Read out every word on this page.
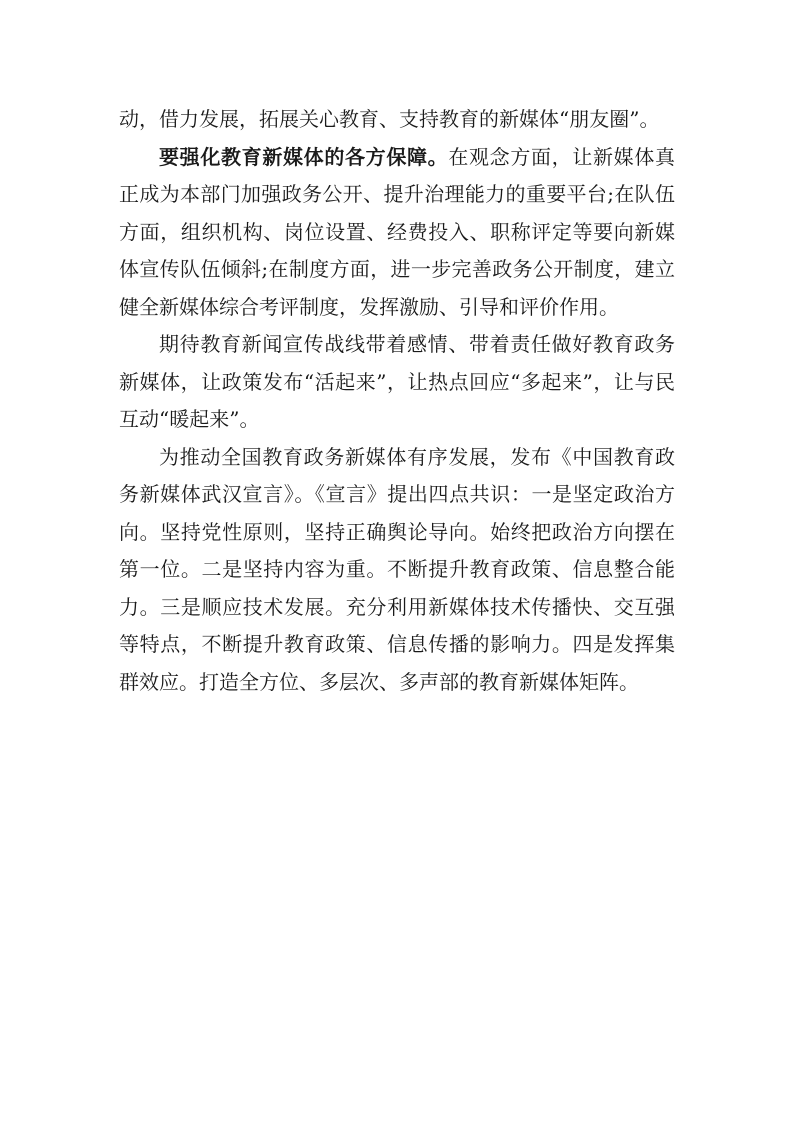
动，借力发展，拓展关心教育、支持教育的新媒体“朋友圈”。

要强化教育新媒体的各方保障。在观念方面，让新媒体真正成为本部门加强政务公开、提升治理能力的重要平台;在队伍方面，组织机构、岗位设置、经费投入、职称评定等要向新媒体宣传队伍倾斜;在制度方面，进一步完善政务公开制度，建立健全新媒体综合考评制度，发挥激励、引导和评价作用。

期待教育新闻宣传战线带着感情、带着责任做好教育政务新媒体，让政策发布“活起来”，让热点回应“多起来”，让与民互动“暖起来”。

为推动全国教育政务新媒体有序发展，发布《中国教育政务新媒体武汉宣言》。《宣言》提出四点共识：一是坚定政治方向。坚持党性原则，坚持正确舆论导向。始终把政治方向摆在第一位。二是坚持内容为重。不断提升教育政策、信息整合能力。三是顺应技术发展。充分利用新媒体技术传播快、交互强等特点，不断提升教育政策、信息传播的影响力。四是发挥集群效应。打造全方位、多层次、多声部的教育新媒体矩阵。
